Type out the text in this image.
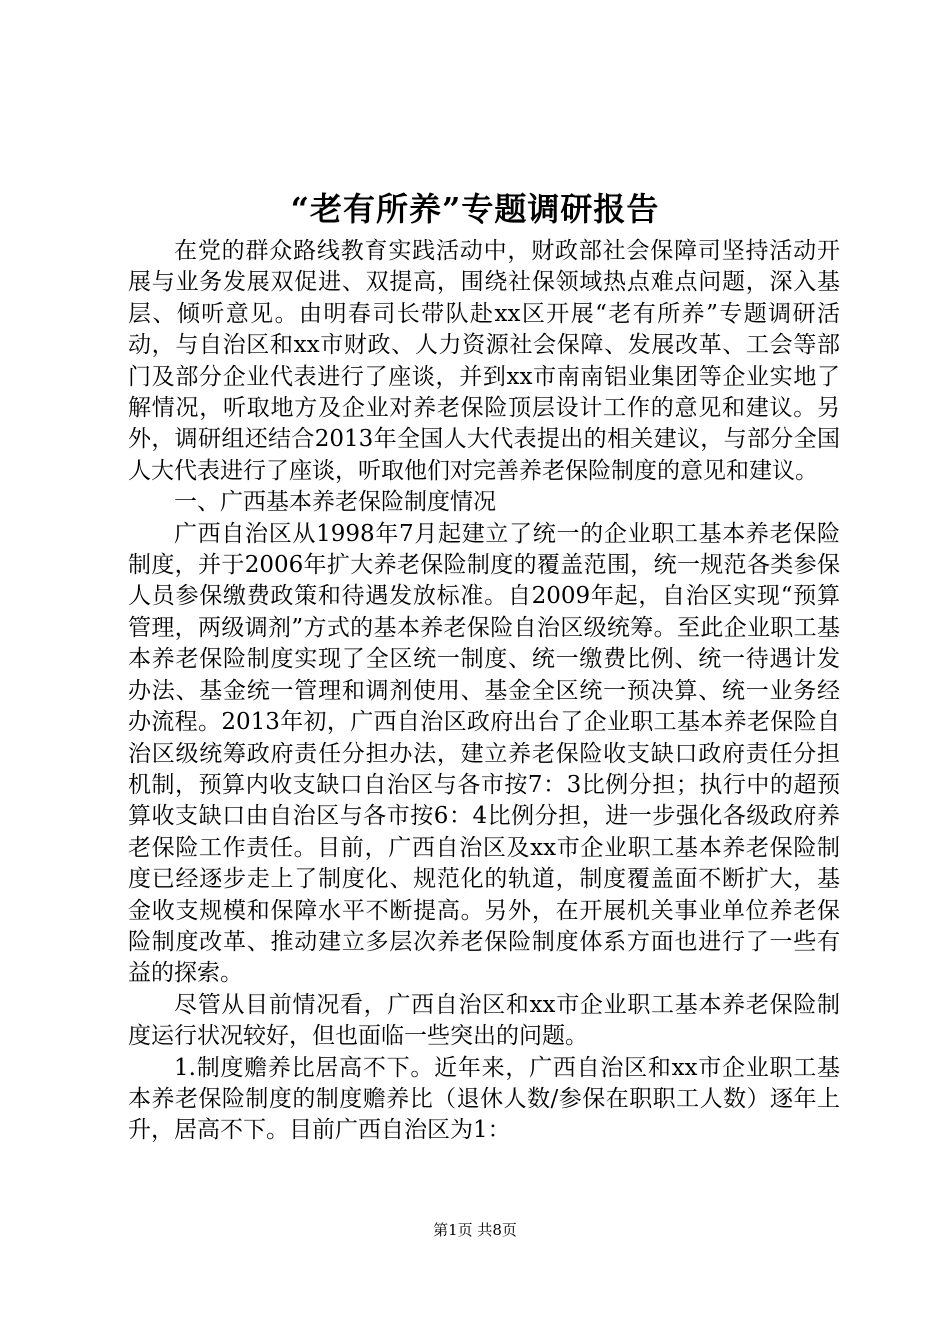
“老有所养”专题调研报告

在党的群众路线教育实践活动中，财政部社会保障司坚持活动开展与业务发展双促进、双提高，围绕社保领域热点难点问题，深入基层、倾听意见。由明春司长带队赴xx区开展“老有所养”专题调研活动，与自治区和xx市财政、人力资源社会保障、发展改革、工会等部门及部分企业代表进行了座谈，并到xx市南南铝业集团等企业实地了解情况，听取地方及企业对养老保险顶层设计工作的意见和建议。另外，调研组还结合2013年全国人大代表提出的相关建议，与部分全国人大代表进行了座谈，听取他们对完善养老保险制度的意见和建议。

一、广西基本养老保险制度情况

广西自治区从1998年7月起建立了统一的企业职工基本养老保险制度，并于2006年扩大养老保险制度的覆盖范围，统一规范各类参保人员参保缴费政策和待遇发放标准。自2009年起，自治区实现“预算管理，两级调剂”方式的基本养老保险自治区级统筹。至此企业职工基本养老保险制度实现了全区统一制度、统一缴费比例、统一待遇计发办法、基金统一管理和调剂使用、基金全区统一预决算、统一业务经办流程。2013年初，广西自治区政府出台了企业职工基本养老保险自治区级统筹政府责任分担办法，建立养老保险收支缺口政府责任分担机制，预算内收支缺口自治区与各市按7：3比例分担；执行中的超预算收支缺口由自治区与各市按6：4比例分担，进一步强化各级政府养老保险工作责任。目前，广西自治区及xx市企业职工基本养老保险制度已经逐步走上了制度化、规范化的轨道，制度覆盖面不断扩大，基金收支规模和保障水平不断提高。另外，在开展机关事业单位养老保险制度改革、推动建立多层次养老保险制度体系方面也进行了一些有益的探索。

尽管从目前情况看，广西自治区和xx市企业职工基本养老保险制度运行状况较好，但也面临一些突出的问题。

1.制度赡养比居高不下。近年来，广西自治区和xx市企业职工基本养老保险制度的制度赡养比（退休人数/参保在职职工人数）逐年上升，居高不下。目前广西自治区为1：

第1页 共8页
